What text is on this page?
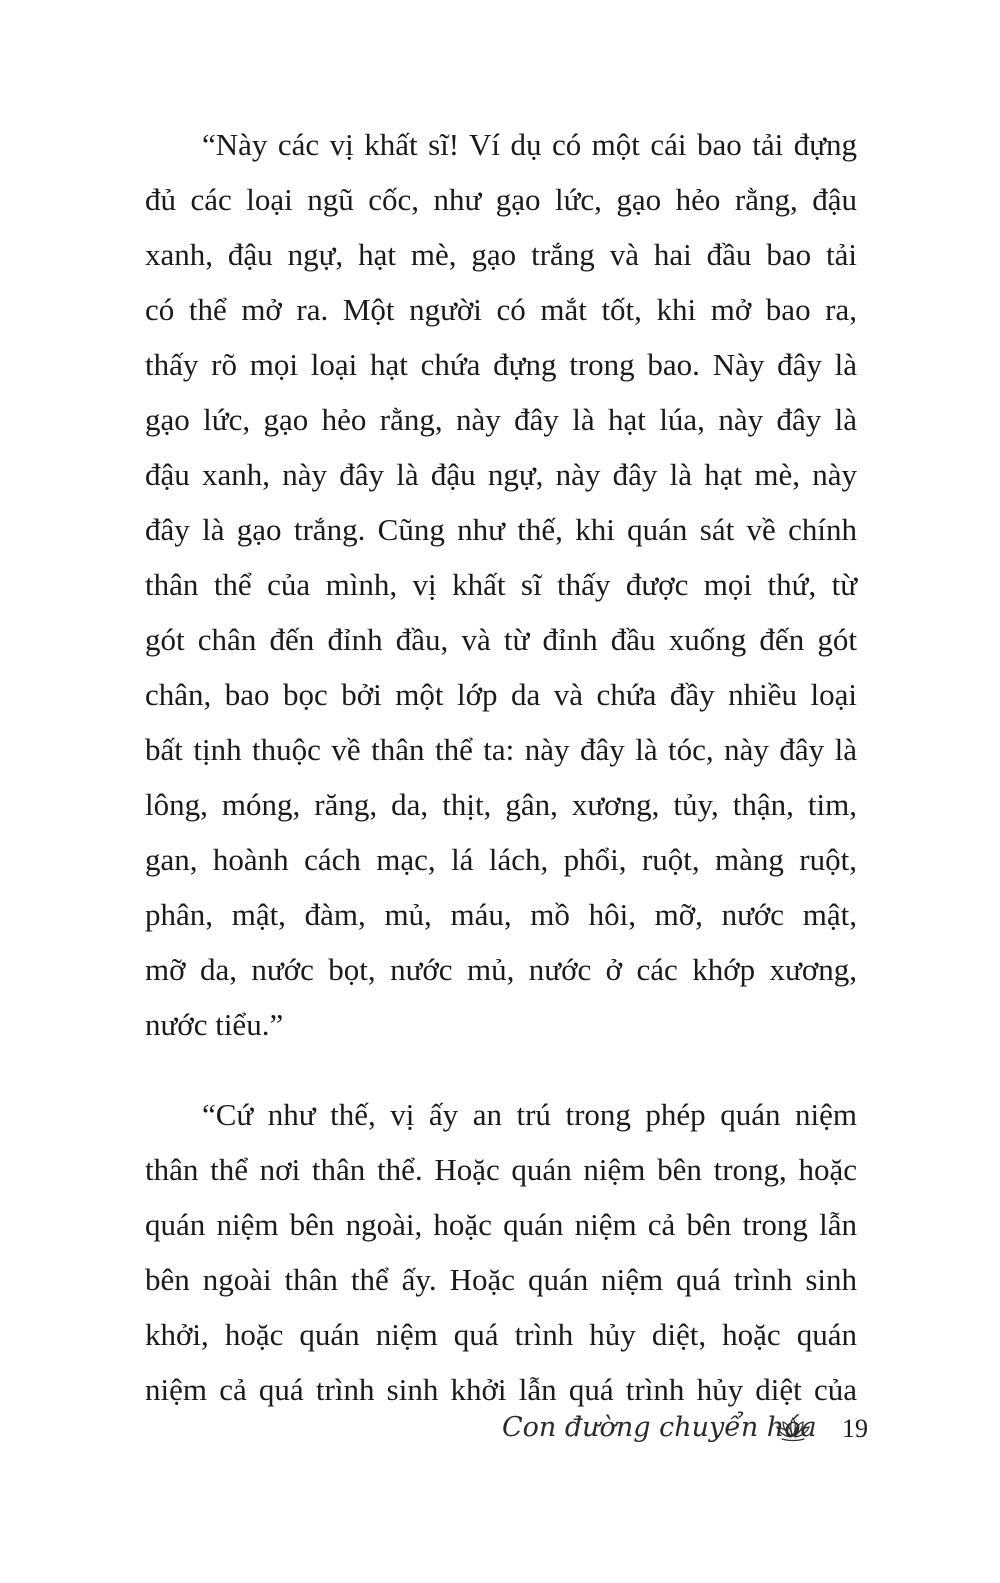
“Này các vị khất sĩ! Ví dụ có một cái bao tải đựng
đủ các loại ngũ cốc, như gạo lức, gạo hẻo rằng, đậu
xanh, đậu ngự, hạt mè, gạo trắng và hai đầu bao tải
có thể mở ra. Một người có mắt tốt, khi mở bao ra,
thấy rõ mọi loại hạt chứa đựng trong bao. Này đây là
gạo lức, gạo hẻo rằng, này đây là hạt lúa, này đây là
đậu xanh, này đây là đậu ngự, này đây là hạt mè, này
đây là gạo trắng. Cũng như thế, khi quán sát về chính
thân thể của mình, vị khất sĩ thấy được mọi thứ, từ
gót chân đến đỉnh đầu, và từ đỉnh đầu xuống đến gót
chân, bao bọc bởi một lớp da và chứa đầy nhiều loại
bất tịnh thuộc về thân thể ta: này đây là tóc, này đây là
lông, móng, răng, da, thịt, gân, xương, tủy, thận, tim,
gan, hoành cách mạc, lá lách, phổi, ruột, màng ruột,
phân, mật, đàm, mủ, máu, mồ hôi, mỡ, nước mật,
mỡ da, nước bọt, nước mủ, nước ở các khớp xương,
nước tiểu.”
“Cứ như thế, vị ấy an trú trong phép quán niệm
thân thể nơi thân thể. Hoặc quán niệm bên trong, hoặc
quán niệm bên ngoài, hoặc quán niệm cả bên trong lẫn
bên ngoài thân thể ấy. Hoặc quán niệm quá trình sinh
khởi, hoặc quán niệm quá trình hủy diệt, hoặc quán
niệm cả quá trình sinh khởi lẫn quá trình hủy diệt của
Con đường chuyển hóa 19
